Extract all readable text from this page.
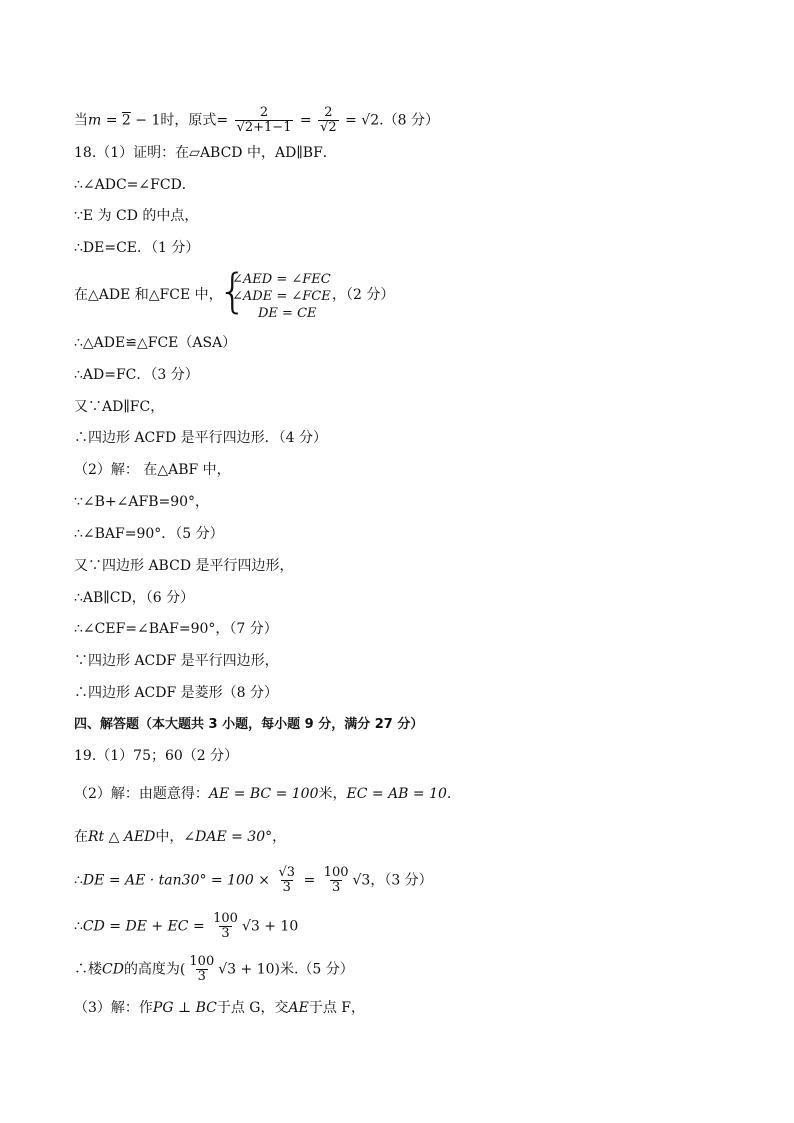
当m = 2 − 1时，原式= $\frac{2}{√2+1-1} = \frac{2}{√2} = √2.(8$ 分）
18.（1）证明：在▱ABCD 中，AD∥BF．
∴∠ADC=∠FCD．
∵E 为 CD 的中点，
∴DE=CE．（1 分）
在△ADE 和△FCE 中，
{
∠AED = ∠FEC
∠ADE = ∠FCE
DE = CE
，（2 分）
∴△ADE≌△FCE（ASA）
∴AD=FC．（3 分）
又∵AD∥FC，
∴四边形 ACFD 是平行四边形．（4 分）
（2）解： 在△ABF 中，
∵∠B+∠AFB=90°，
∴∠BAF=90°．（5 分）
又∵四边形 ABCD 是平行四边形，
∴AB∥CD，（6 分）
∴∠CEF=∠BAF=90°，（7 分）
∵四边形 ACDF 是平行四边形，
∴四边形 ACDF 是菱形（8 分）
四、解答题（本大题共 3 小题，每小题 9 分，满分 27 分）
19.（1）75；60（2 分）
（2）解：由题意得：AE = BC = 100米，EC = AB = 10.
在Rt △ AED中，∠DAE = 30°，
∴DE = AE · $\tan 30^\circ = 100 \times \frac{√3}{3} = \frac{100}{3} √3$，（3 分）
∴CD = DE + EC = $\frac{100}{3} √3 + 10$
∴楼CD的高度为( $\frac{100}{3} √3 + 10$)米.（5 分）
（3）解：作PG ⊥ BC于点 G，交AE于点 F，
